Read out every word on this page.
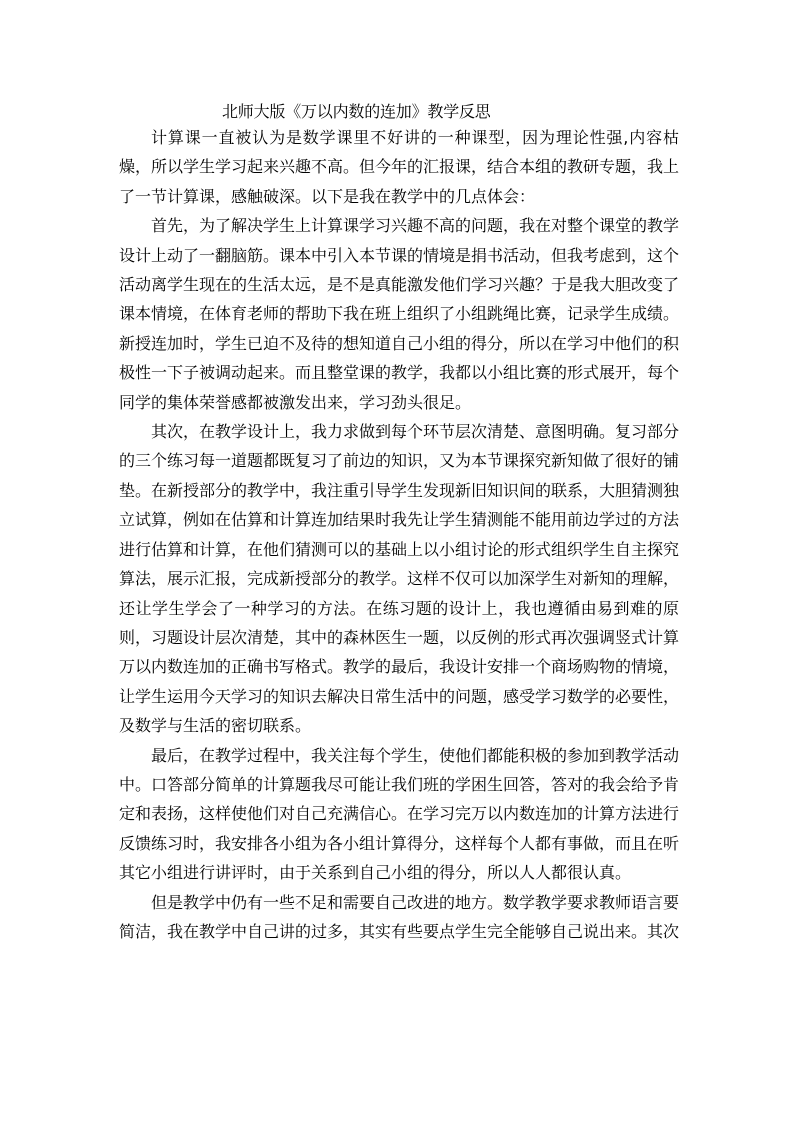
北师大版《万以内数的连加》教学反思

计算课一直被认为是数学课里不好讲的一种课型，因为理论性强,内容枯燥，所以学生学习起来兴趣不高。但今年的汇报课，结合本组的教研专题，我上了一节计算课，感触破深。以下是我在教学中的几点体会：

首先，为了解决学生上计算课学习兴趣不高的问题，我在对整个课堂的教学设计上动了一翻脑筋。课本中引入本节课的情境是捐书活动，但我考虑到，这个活动离学生现在的生活太远，是不是真能激发他们学习兴趣？于是我大胆改变了课本情境，在体育老师的帮助下我在班上组织了小组跳绳比赛，记录学生成绩。新授连加时，学生已迫不及待的想知道自己小组的得分，所以在学习中他们的积极性一下子被调动起来。而且整堂课的教学，我都以小组比赛的形式展开，每个同学的集体荣誉感都被激发出来，学习劲头很足。

其次，在教学设计上，我力求做到每个环节层次清楚、意图明确。复习部分的三个练习每一道题都既复习了前边的知识，又为本节课探究新知做了很好的铺垫。在新授部分的教学中，我注重引导学生发现新旧知识间的联系，大胆猜测独立试算，例如在估算和计算连加结果时我先让学生猜测能不能用前边学过的方法进行估算和计算，在他们猜测可以的基础上以小组讨论的形式组织学生自主探究算法，展示汇报，完成新授部分的教学。这样不仅可以加深学生对新知的理解，还让学生学会了一种学习的方法。在练习题的设计上，我也遵循由易到难的原则，习题设计层次清楚，其中的森林医生一题，以反例的形式再次强调竖式计算万以内数连加的正确书写格式。教学的最后，我设计安排一个商场购物的情境，让学生运用今天学习的知识去解决日常生活中的问题，感受学习数学的必要性，及数学与生活的密切联系。

最后，在教学过程中，我关注每个学生，使他们都能积极的参加到教学活动中。口答部分简单的计算题我尽可能让我们班的学困生回答，答对的我会给予肯定和表扬，这样使他们对自己充满信心。在学习完万以内数连加的计算方法进行反馈练习时，我安排各小组为各小组计算得分，这样每个人都有事做，而且在听其它小组进行讲评时，由于关系到自己小组的得分，所以人人都很认真。

但是教学中仍有一些不足和需要自己改进的地方。数学教学要求教师语言要简洁，我在教学中自己讲的过多，其实有些要点学生完全能够自己说出来。其次
